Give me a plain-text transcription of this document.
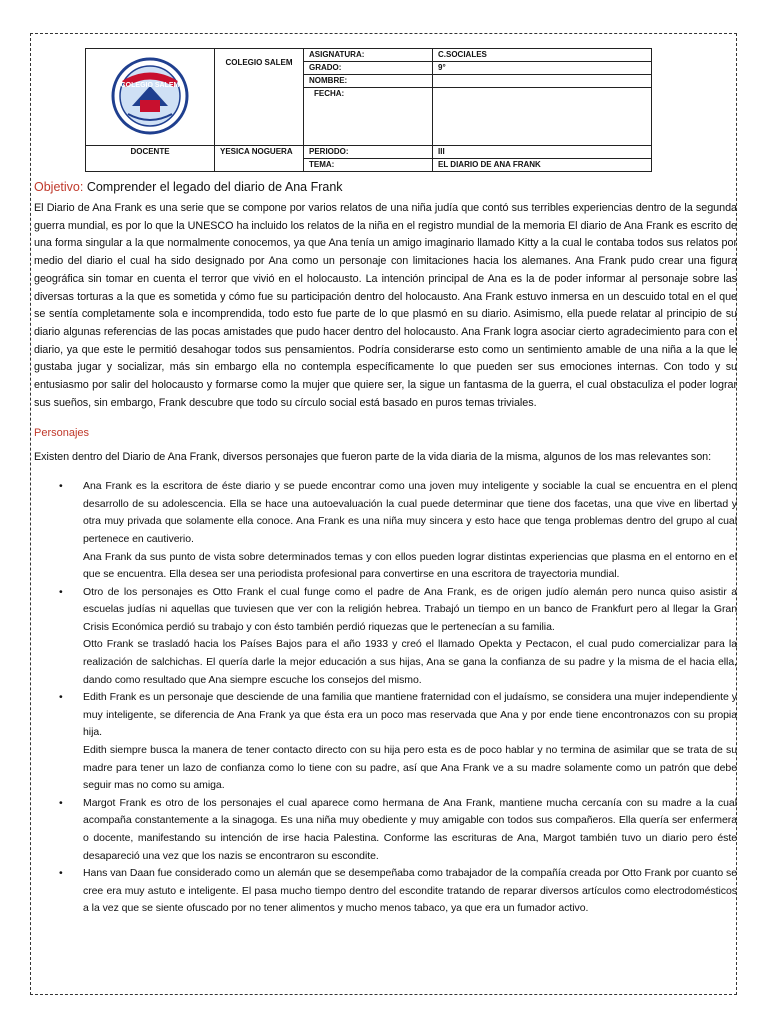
COLEGIO SALEM	COLEGIO SALEM	ASIGNATURA:	C.SOCIALES
		GRADO:	9°
		NOMBRE:	
		FECHA:	
DOCENTE	YESICA NOGUERA	PERIODO:	III
		TEMA:	EL DIARIO DE ANA FRANK
Objetivo: Comprender el legado del diario de Ana Frank

El Diario de Ana Frank es una serie que se compone por varios relatos de una niña judía que contó sus terribles experiencias dentro de la segunda guerra mundial, es por lo que la UNESCO ha incluido los relatos de la niña en el registro mundial de la memoria El diario de Ana Frank es escrito de una forma singular a la que normalmente conocemos, ya que Ana tenía un amigo imaginario llamado Kitty a la cual le contaba todos sus relatos por medio del diario el cual ha sido designado por Ana como un personaje con limitaciones hacia los alemanes. Ana Frank pudo crear una figura geográfica sin tomar en cuenta el terror que vivió en el holocausto. La intención principal de Ana es la de poder informar al personaje sobre las diversas torturas a la que es sometida y cómo fue su participación dentro del holocausto. Ana Frank estuvo inmersa en un descuido total en el que se sentía completamente sola e incomprendida, todo esto fue parte de lo que plasmó en su diario. Asimismo, ella puede relatar al principio de su diario algunas referencias de las pocas amistades que pudo hacer dentro del holocausto. Ana Frank logra asociar cierto agradecimiento para con el diario, ya que este le permitió desahogar todos sus pensamientos. Podría considerarse esto como un sentimiento amable de una niña a la que le gustaba jugar y socializar, más sin embargo ella no contempla específicamente lo que pueden ser sus emociones internas. Con todo y su entusiasmo por salir del holocausto y formarse como la mujer que quiere ser, la sigue un fantasma de la guerra, el cual obstaculiza el poder lograr sus sueños, sin embargo, Frank descubre que todo su círculo social está basado en puros temas triviales.

Personajes

Existen dentro del Diario de Ana Frank, diversos personajes que fueron parte de la vida diaria de la misma, algunos de los mas relevantes son:

• Ana Frank es la escritora de éste diario y se puede encontrar como una joven muy inteligente y sociable la cual se encuentra en el pleno desarrollo de su adolescencia. Ella se hace una autoevaluación la cual puede determinar que tiene dos facetas, una que vive en libertad y otra muy privada que solamente ella conoce. Ana Frank es una niña muy sincera y esto hace que tenga problemas dentro del grupo al cual pertenece en cautiverio.

Ana Frank da sus punto de vista sobre determinados temas y con ellos pueden lograr distintas experiencias que plasma en el entorno en el que se encuentra. Ella desea ser una periodista profesional para convertirse en una escritora de trayectoria mundial.

• Otro de los personajes es Otto Frank el cual funge como el padre de Ana Frank, es de origen judío alemán pero nunca quiso asistir a escuelas judías ni aquellas que tuviesen que ver con la religión hebrea. Trabajó un tiempo en un banco de Frankfurt pero al llegar la Gran Crisis Económica perdió su trabajo y con ésto también perdió riquezas que le pertenecían a su familia.

Otto Frank se trasladó hacia los Países Bajos para el año 1933 y creó el llamado Opekta y Pectacon, el cual pudo comercializar para la realización de salchichas. El quería darle la mejor educación a sus hijas, Ana se gana la confianza de su padre y la misma de el hacia ella, dando como resultado que Ana siempre escuche los consejos del mismo.

• Edith Frank es un personaje que desciende de una familia que mantiene fraternidad con el judaísmo, se considera una mujer independiente y muy inteligente, se diferencia de Ana Frank ya que ésta era un poco mas reservada que Ana y por ende tiene encontronazos con su propia hija.

Edith siempre busca la manera de tener contacto directo con su hija pero esta es de poco hablar y no termina de asimilar que se trata de su madre para tener un lazo de confianza como lo tiene con su padre, así que Ana Frank ve a su madre solamente como un patrón que debe seguir mas no como su amiga.

• Margot Frank es otro de los personajes el cual aparece como hermana de Ana Frank, mantiene mucha cercanía con su madre a la cual acompaña constantemente a la sinagoga. Es una niña muy obediente y muy amigable con todos sus compañeros. Ella quería ser enfermera o docente, manifestando su intención de irse hacia Palestina. Conforme las escrituras de Ana, Margot también tuvo un diario pero éste desapareció una vez que los nazis se encontraron su escondite.

• Hans van Daan fue considerado como un alemán que se desempeñaba como trabajador de la compañía creada por Otto Frank por cuanto se cree era muy astuto e inteligente. El pasa mucho tiempo dentro del escondite tratando de reparar diversos artículos como electrodomésticos a la vez que se siente ofuscado por no tener alimentos y mucho menos tabaco, ya que era un fumador activo.
